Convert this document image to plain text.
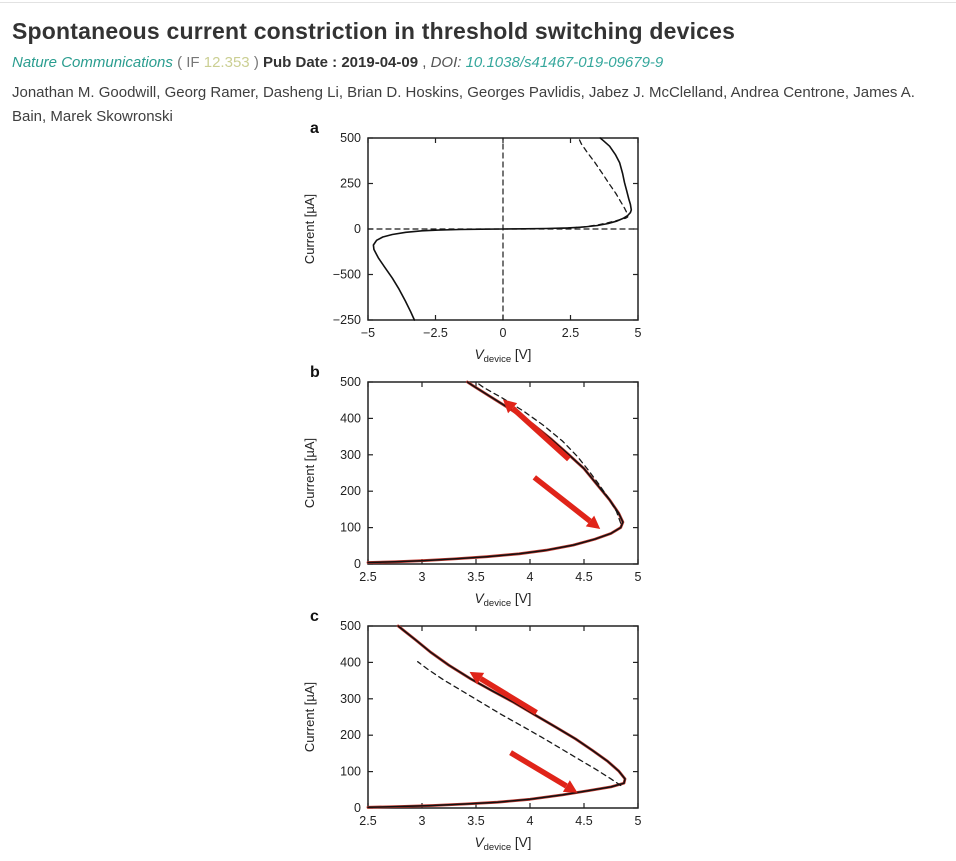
Spontaneous current constriction in threshold switching devices
Nature Communications ( IF 12.353 ) Pub Date : 2019-04-09 , DOI: 10.1038/s41467-019-09679-9
Jonathan M. Goodwill, Georg Ramer, Dasheng Li, Brian D. Hoskins, Georges Pavlidis, Jabez J. McClelland, Andrea Centrone, James A. Bain, Marek Skowronski
a
−5	−2.5	0	2.5	5
500
250
0
−500
−250
Current [µA]
$V_{device}$ [V]
b
2.5	3	3.5	4	4.5	5
500
400
300
200
100
0
Current [µA]
$V_{device}$ [V]
c
2.5	3	3.5	4	4.5	5
500
400
300
200
100
0
Current [µA]
$V_{device}$ [V]
